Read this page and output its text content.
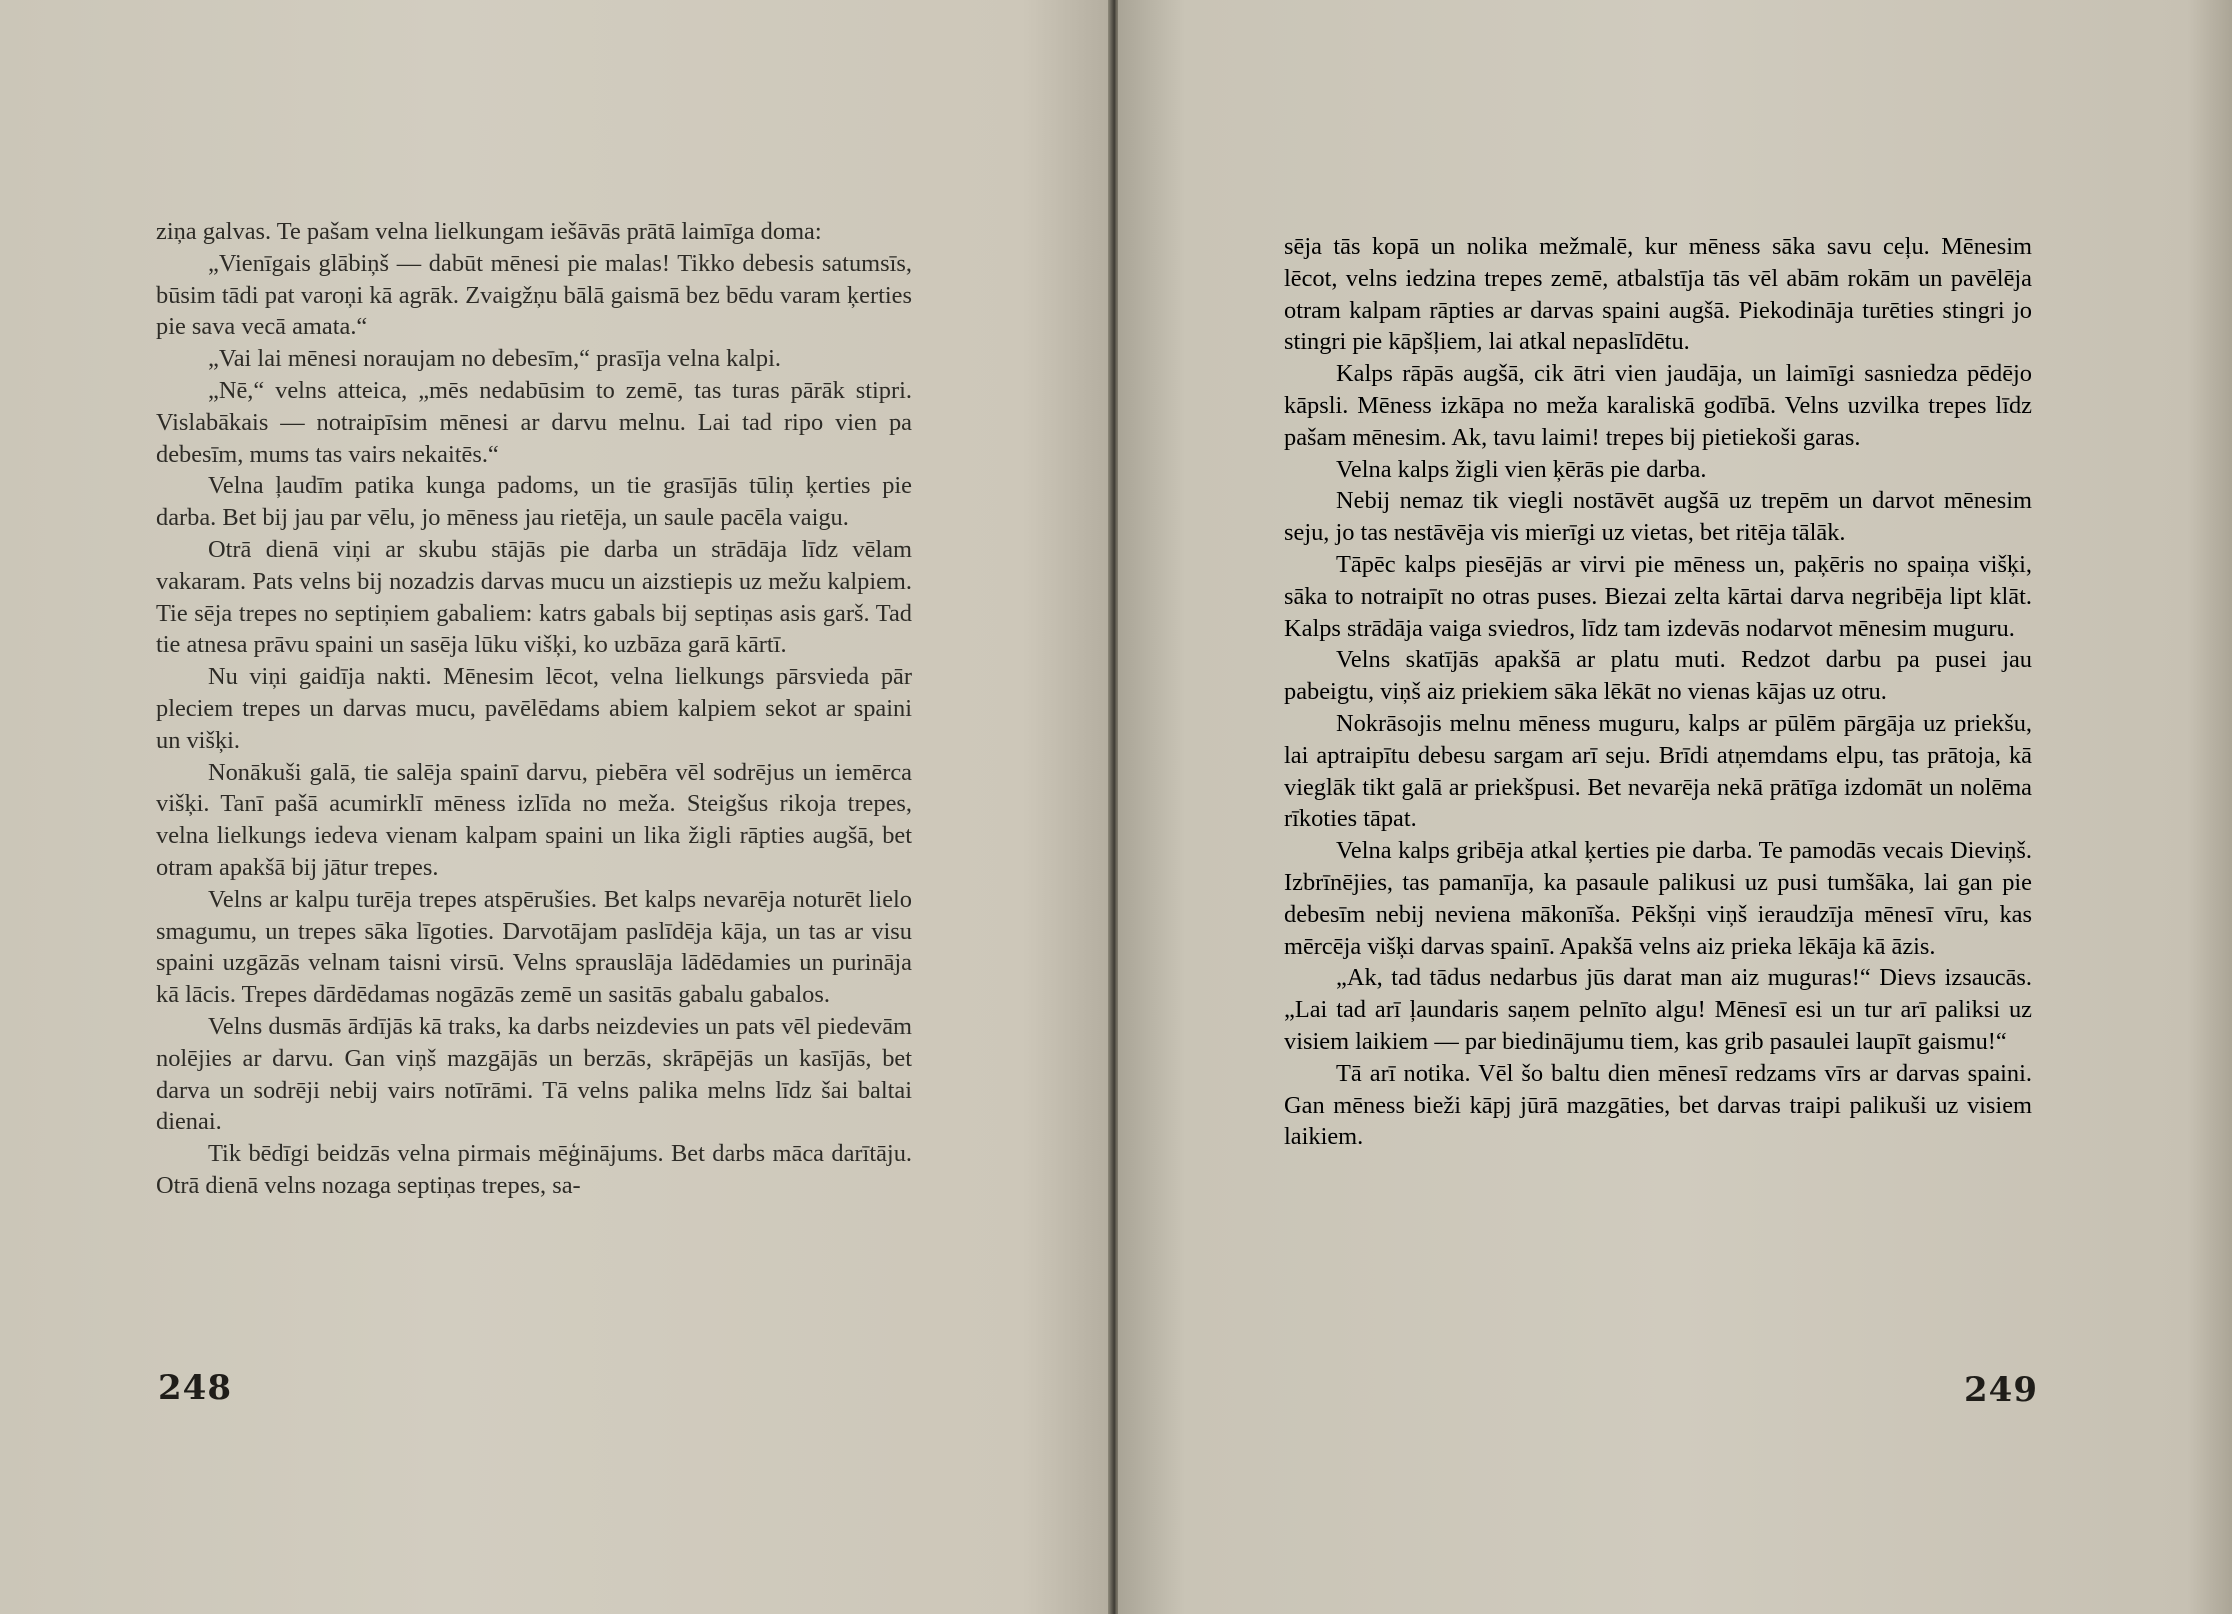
ziņa galvas. Te pašam velna lielkungam iešāvās prātā laimīga doma:

„Vienīgais glābiņš — dabūt mēnesi pie malas! Tikko debesis satumsīs, būsim tādi pat varoņi kā agrāk. Zvaigžņu bālā gaismā bez bēdu varam ķerties pie sava vecā amata.“

„Vai lai mēnesi noraujam no debesīm,“ prasīja velna kalpi.

„Nē,“ velns atteica, „mēs nedabūsim to zemē, tas turas pārāk stipri. Vislabākais — notraipīsim mēnesi ar darvu melnu. Lai tad ripo vien pa debesīm, mums tas vairs nekaitēs.“

Velna ļaudīm patika kunga padoms, un tie grasījās tūliņ ķerties pie darba. Bet bij jau par vēlu, jo mēness jau rietēja, un saule pacēla vaigu.

Otrā dienā viņi ar skubu stājās pie darba un strādāja līdz vēlam vakaram. Pats velns bij nozadzis darvas mucu un aizstiepis uz mežu kalpiem. Tie sēja trepes no septiņiem gabaliem: katrs gabals bij septiņas asis garš. Tad tie atnesa prāvu spaini un sasēja lūku višķi, ko uzbāza garā kārtī.

Nu viņi gaidīja nakti. Mēnesim lēcot, velna lielkungs pārsvieda pār pleciem trepes un darvas mucu, pavēlēdams abiem kalpiem sekot ar spaini un višķi.

Nonākuši galā, tie salēja spainī darvu, piebēra vēl sodrējus un iemērca višķi. Tanī pašā acumirklī mēness izlīda no meža. Steigšus rikoja trepes, velna lielkungs iedeva vienam kalpam spaini un lika žigli rāpties augšā, bet otram apakšā bij jātur trepes.

Velns ar kalpu turēja trepes atspērušies. Bet kalps nevarēja noturēt lielo smagumu, un trepes sāka līgoties. Darvotājam paslīdēja kāja, un tas ar visu spaini uzgāzās velnam taisni virsū. Velns sprauslāja lādēdamies un purināja kā lācis. Trepes dārdēdamas nogāzās zemē un sasitās gabalu gabalos.

Velns dusmās ārdījās kā traks, ka darbs neizdevies un pats vēl piedevām nolējies ar darvu. Gan viņš mazgājās un berzās, skrāpējās un kasījās, bet darva un sodrēji nebij vairs notīrāmi. Tā velns palika melns līdz šai baltai dienai.

Tik bēdīgi beidzās velna pirmais mēģinājums. Bet darbs māca darītāju. Otrā dienā velns nozaga septiņas trepes, sa-

248

sēja tās kopā un nolika mežmalē, kur mēness sāka savu ceļu. Mēnesim lēcot, velns iedzina trepes zemē, atbalstīja tās vēl abām rokām un pavēlēja otram kalpam rāpties ar darvas spaini augšā. Piekodināja turēties stingri jo stingri pie kāpšļiem, lai atkal nepaslīdētu.

Kalps rāpās augšā, cik ātri vien jaudāja, un laimīgi sasniedza pēdējo kāpsli. Mēness izkāpa no meža karaliskā godībā. Velns uzvilka trepes līdz pašam mēnesim. Ak, tavu laimi! trepes bij pietiekoši garas.

Velna kalps žigli vien ķērās pie darba.

Nebij nemaz tik viegli nostāvēt augšā uz trepēm un darvot mēnesim seju, jo tas nestāvēja vis mierīgi uz vietas, bet ritēja tālāk.

Tāpēc kalps piesējās ar virvi pie mēness un, paķēris no spaiņa višķi, sāka to notraipīt no otras puses. Biezai zelta kārtai darva negribēja lipt klāt. Kalps strādāja vaiga sviedros, līdz tam izdevās nodarvot mēnesim muguru.

Velns skatījās apakšā ar platu muti. Redzot darbu pa pusei jau pabeigtu, viņš aiz priekiem sāka lēkāt no vienas kājas uz otru.

Nokrāsojis melnu mēness muguru, kalps ar pūlēm pārgāja uz priekšu, lai aptraipītu debesu sargam arī seju. Brīdi atņemdams elpu, tas prātoja, kā vieglāk tikt galā ar priekšpusi. Bet nevarēja nekā prātīga izdomāt un nolēma rīkoties tāpat.

Velna kalps gribēja atkal ķerties pie darba. Te pamodās vecais Dieviņš. Izbrīnējies, tas pamanīja, ka pasaule palikusi uz pusi tumšāka, lai gan pie debesīm nebij neviena mākonīša. Pēkšņi viņš ieraudzīja mēnesī vīru, kas mērcēja višķi darvas spainī. Apakšā velns aiz prieka lēkāja kā āzis.

„Ak, tad tādus nedarbus jūs darat man aiz muguras!“ Dievs izsaucās. „Lai tad arī ļaundaris saņem pelnīto algu! Mēnesī esi un tur arī paliksi uz visiem laikiem — par biedinājumu tiem, kas grib pasaulei laupīt gaismu!“

Tā arī notika. Vēl šo baltu dien mēnesī redzams vīrs ar darvas spaini. Gan mēness bieži kāpj jūrā mazgāties, bet darvas traipi palikuši uz visiem laikiem.

249
